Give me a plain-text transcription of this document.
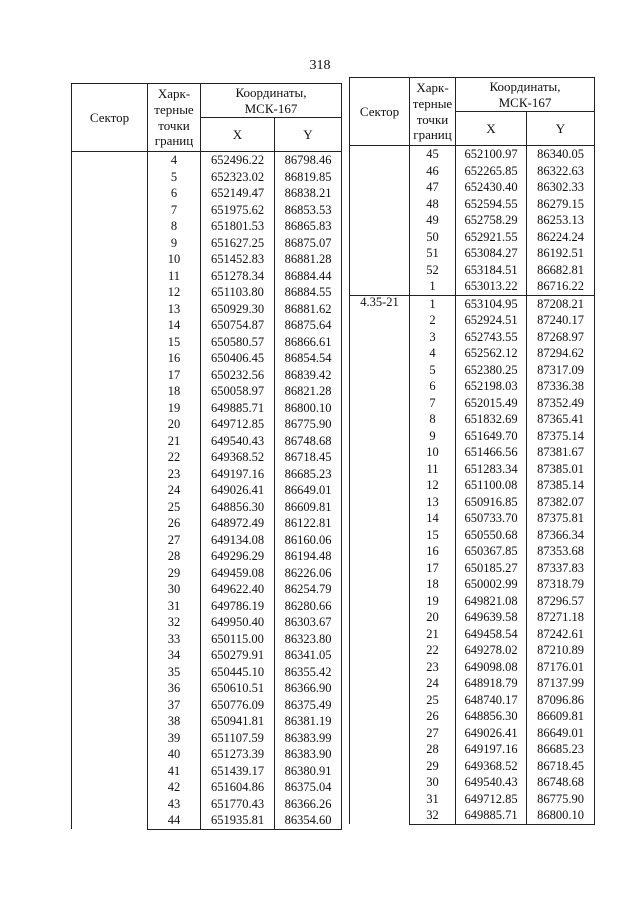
318
Сектор	Харк-
терные
точки
границ	Координаты,
МСК-167	
		X	Y
	4	652496.22	86798.46
	5	652323.02	86819.85
	6	652149.47	86838.21
	7	651975.62	86853.53
	8	651801.53	86865.83
	9	651627.25	86875.07
	10	651452.83	86881.28
	11	651278.34	86884.44
	12	651103.80	86884.55
	13	650929.30	86881.62
	14	650754.87	86875.64
	15	650580.57	86866.61
	16	650406.45	86854.54
	17	650232.56	86839.42
	18	650058.97	86821.28
	19	649885.71	86800.10
	20	649712.85	86775.90
	21	649540.43	86748.68
	22	649368.52	86718.45
	23	649197.16	86685.23
	24	649026.41	86649.01
	25	648856.30	86609.81
	26	648972.49	86122.81
	27	649134.08	86160.06
	28	649296.29	86194.48
	29	649459.08	86226.06
	30	649622.40	86254.79
	31	649786.19	86280.66
	32	649950.40	86303.67
	33	650115.00	86323.80
	34	650279.91	86341.05
	35	650445.10	86355.42
	36	650610.51	86366.90
	37	650776.09	86375.49
	38	650941.81	86381.19
	39	651107.59	86383.99
	40	651273.39	86383.90
	41	651439.17	86380.91
	42	651604.86	86375.04
	43	651770.43	86366.26
	44	651935.81	86354.60
Сектор	Харк-
терные
точки
границ	Координаты,
МСК-167	
		X	Y
	45	652100.97	86340.05
	46	652265.85	86322.63
	47	652430.40	86302.33
	48	652594.55	86279.15
	49	652758.29	86253.13
	50	652921.55	86224.24
	51	653084.27	86192.51
	52	653184.51	86682.81
	1	653013.22	86716.22
4.35-21	1	653104.95	87208.21
	2	652924.51	87240.17
	3	652743.55	87268.97
	4	652562.12	87294.62
	5	652380.25	87317.09
	6	652198.03	87336.38
	7	652015.49	87352.49
	8	651832.69	87365.41
	9	651649.70	87375.14
	10	651466.56	87381.67
	11	651283.34	87385.01
	12	651100.08	87385.14
	13	650916.85	87382.07
	14	650733.70	87375.81
	15	650550.68	87366.34
	16	650367.85	87353.68
	17	650185.27	87337.83
	18	650002.99	87318.79
	19	649821.08	87296.57
	20	649639.58	87271.18
	21	649458.54	87242.61
	22	649278.02	87210.89
	23	649098.08	87176.01
	24	648918.79	87137.99
	25	648740.17	87096.86
	26	648856.30	86609.81
	27	649026.41	86649.01
	28	649197.16	86685.23
	29	649368.52	86718.45
	30	649540.43	86748.68
	31	649712.85	86775.90
	32	649885.71	86800.10
